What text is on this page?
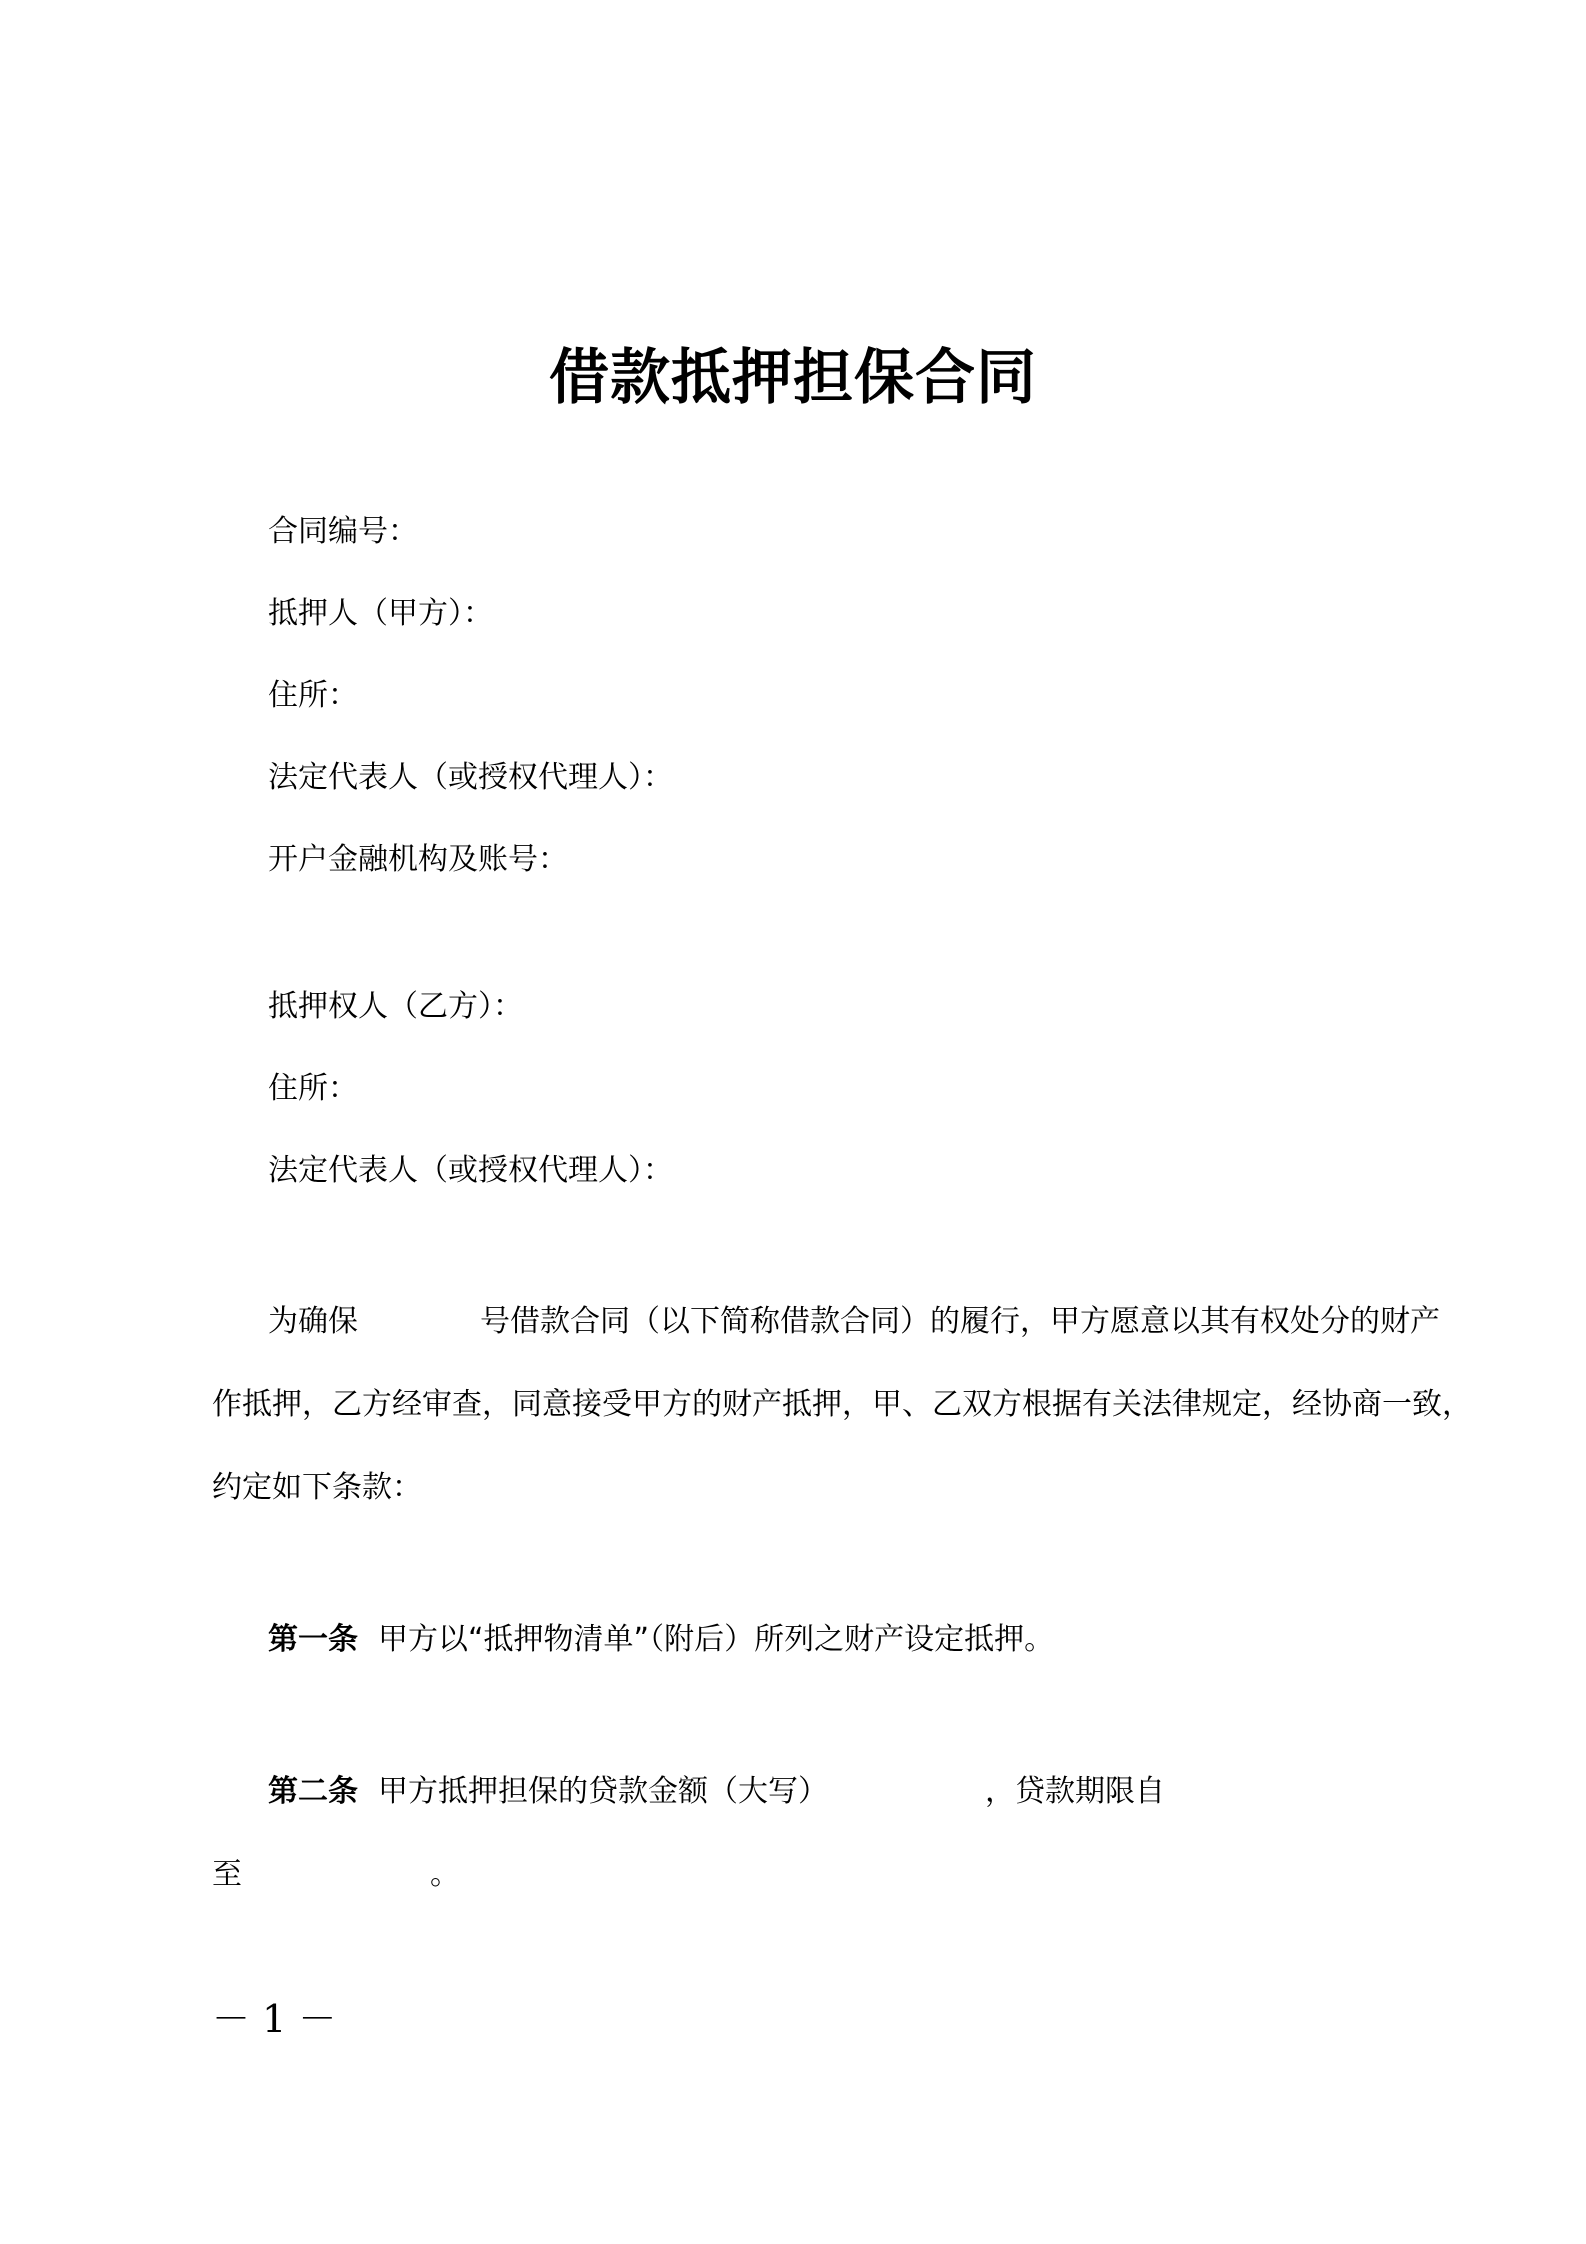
借款抵押担保合同
合同编号：
抵押人（甲方）：
住所：
法定代表人（或授权代理人）：
开户金融机构及账号：
抵押权人（乙方）：
住所：
法定代表人（或授权代理人）：
为确保	号借款合同（以下简称借款合同）的履行，甲方愿意以其有权处分的财产
作抵押，乙方经审查，同意接受甲方的财产抵押，甲、乙双方根据有关法律规定，经协商一致，
约定如下条款：
第一条 甲方以“抵押物清单”（附后）所列之财产设定抵押。
第二条 甲方抵押担保的贷款金额（大写）	，贷款期限自
至	。
－ 1 －
